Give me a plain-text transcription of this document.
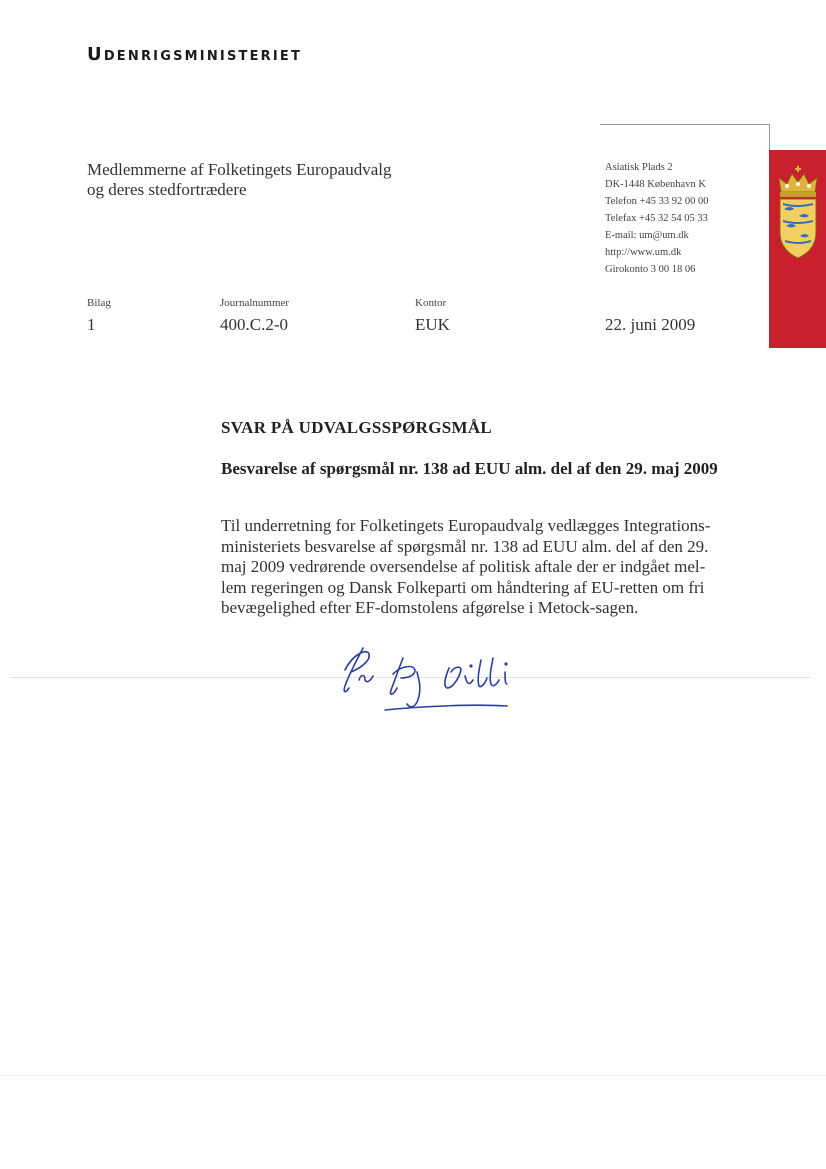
Udenrigsministeriet
Medlemmerne af Folketingets Europaudvalg
og deres stedfortrædere
Asiatisk Plads 2
DK-1448 København K
Telefon +45 33 92 00 00
Telefax +45 32 54 05 33
E-mail: um@um.dk
http://www.um.dk
Girokonto 3 00 18 06
Bilag
1
Journalnummer
400.C.2-0
Kontor
EUK	22. juni 2009
SVAR PÅ UDVALGSSPØRGSMÅL
Besvarelse af spørgsmål nr. 138 ad EUU alm. del af den 29. maj 2009
Til underretning for Folketingets Europaudvalg vedlægges Integrations-
ministeriets besvarelse af spørgsmål nr. 138 ad EUU alm. del af den 29.
maj 2009 vedrørende oversendelse af politisk aftale der er indgået mel-
lem regeringen og Dansk Folkeparti om håndtering af EU-retten om fri
bevægelighed efter EF-domstolens afgørelse i Metock-sagen.
